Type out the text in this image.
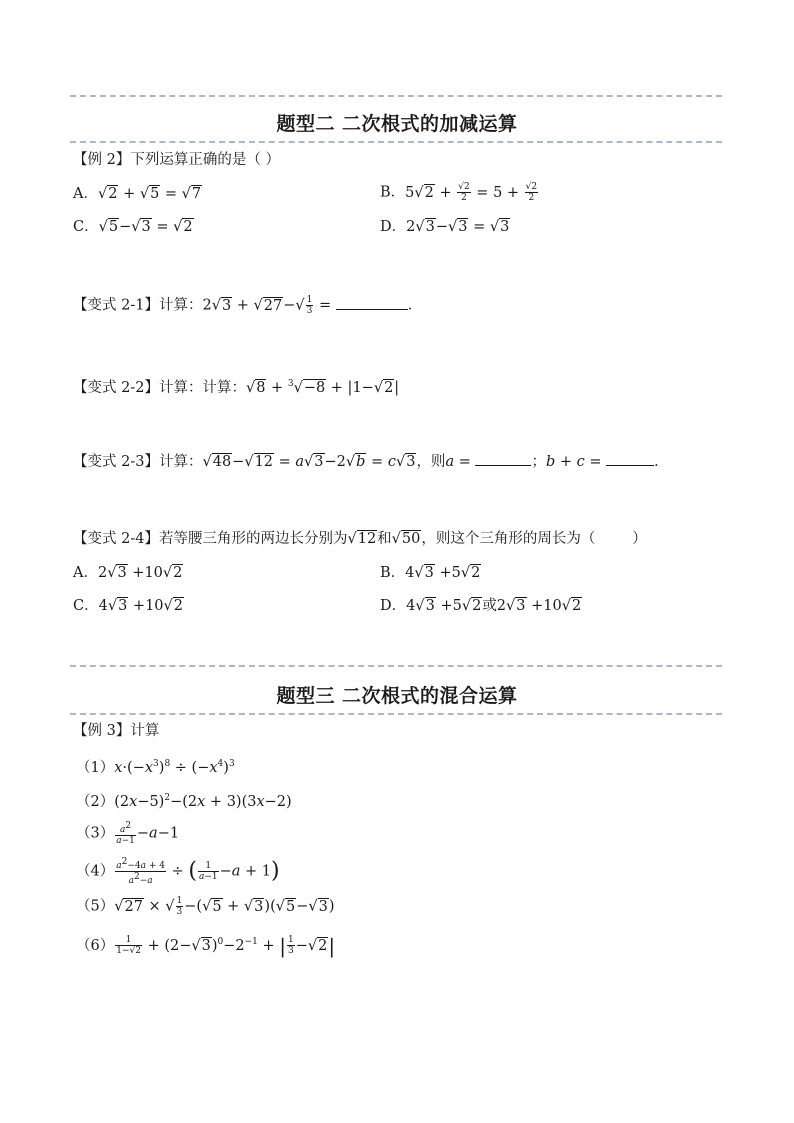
题型二 二次根式的加减运算
【例 2】下列运算正确的是（ ）
A．√2 + √5 = √7	B．$5√2 + \frac{√2}{2} = 5 + \frac{√2}{2}$
C．√5−√3 = √2	D．2√3−√3 = √3
【变式 2-1】计算：$2√3 + √27-√ \frac{1}{3}$ =	．
【变式 2-2】计算：计算：√8 + $^3$√−8 + |1−√2|
【变式 2-3】计算：√48−√12 = a√3−2√b = c√3，则a =	；b + c =	．
【变式 2-4】若等腰三角形的两边长分别为√12和√50，则这个三角形的周长为（        ）
A．2√3 +10√2	B．4√3 +5√2
C．4√3 +10√2	D．4√3 +5√2或2√3 +10√2
题型三 二次根式的混合运算
【例 3】计算
$(1)x\cdot(-x^3)^8 \div (-x^4)^3$
$(2)(2x-5)^2-(2x + 3)(3x-2)$
$(3) \frac{a^2}{a-1} -a-1$
$(4) \frac{a^2-4a + 4}{a^2-a}$ ÷ ( $\frac{1}{a-1} -a + 1$)
（5）√27 × √ $\frac{1}{3} -(√5 + √3)(√5-√3)$
$(6) \frac{1}{1-√2} + (2-√3)^0-2^{-1}$ + | $\frac{1}{3} -√2|$
